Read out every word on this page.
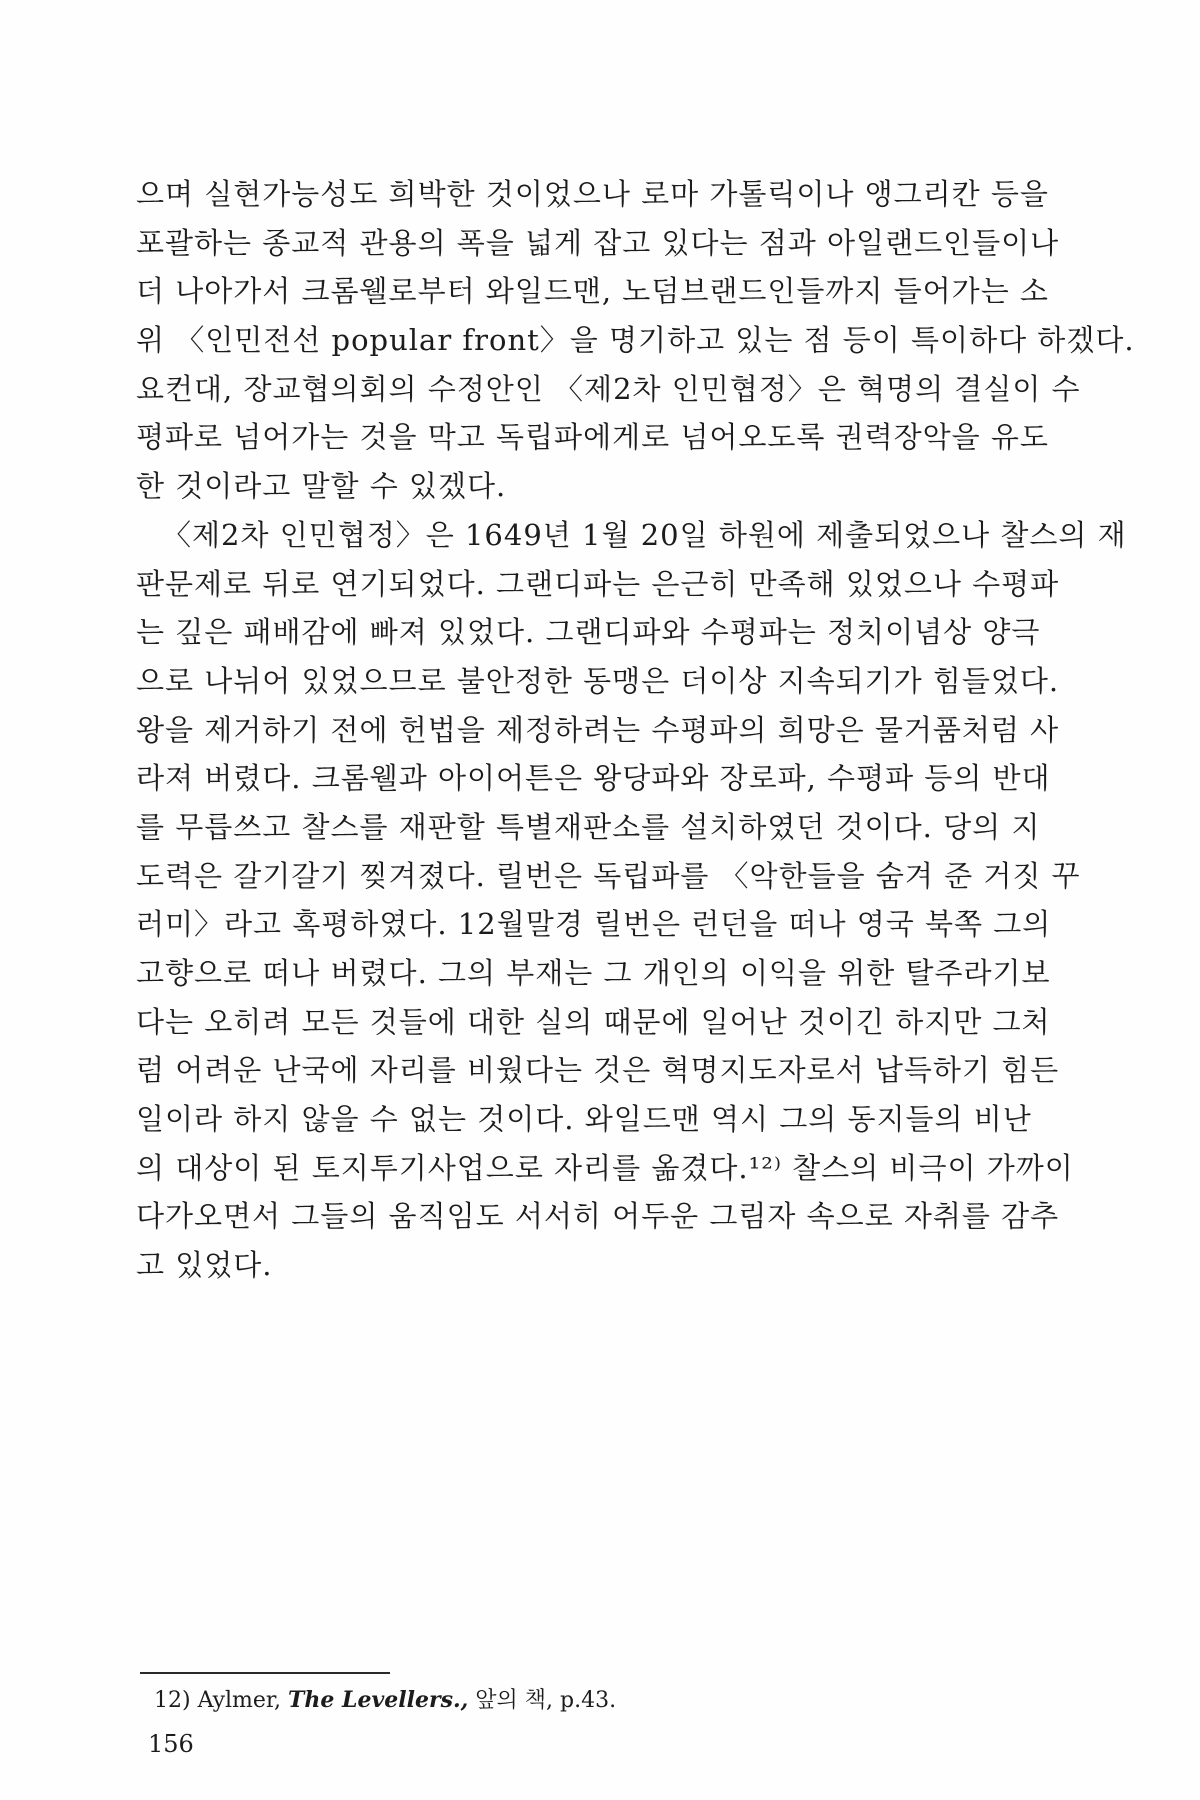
으며 실현가능성도 희박한 것이었으나 로마 가톨릭이나 앵그리칸 등을
포괄하는 종교적 관용의 폭을 넓게 잡고 있다는 점과 아일랜드인들이나
더 나아가서 크롬웰로부터 와일드맨, 노덤브랜드인들까지 들어가는 소
위 〈인민전선 popular front〉을 명기하고 있는 점 등이 특이하다 하겠다.
요컨대, 장교협의회의 수정안인 〈제2차 인민협정〉은 혁명의 결실이 수
평파로 넘어가는 것을 막고 독립파에게로 넘어오도록 권력장악을 유도
한 것이라고 말할 수 있겠다.
〈제2차 인민협정〉은 1649년 1월 20일 하원에 제출되었으나 찰스의 재
판문제로 뒤로 연기되었다. 그랜디파는 은근히 만족해 있었으나 수평파
는 깊은 패배감에 빠져 있었다. 그랜디파와 수평파는 정치이념상 양극
으로 나뉘어 있었으므로 불안정한 동맹은 더이상 지속되기가 힘들었다.
왕을 제거하기 전에 헌법을 제정하려는 수평파의 희망은 물거품처럼 사
라져 버렸다. 크롬웰과 아이어튼은 왕당파와 장로파, 수평파 등의 반대
를 무릅쓰고 찰스를 재판할 특별재판소를 설치하였던 것이다. 당의 지
도력은 갈기갈기 찢겨졌다. 릴번은 독립파를 〈악한들을 숨겨 준 거짓 꾸
러미〉라고 혹평하였다. 12월말경 릴번은 런던을 떠나 영국 북쪽 그의
고향으로 떠나 버렸다. 그의 부재는 그 개인의 이익을 위한 탈주라기보
다는 오히려 모든 것들에 대한 실의 때문에 일어난 것이긴 하지만 그처
럼 어려운 난국에 자리를 비웠다는 것은 혁명지도자로서 납득하기 힘든
일이라 하지 않을 수 없는 것이다. 와일드맨 역시 그의 동지들의 비난
의 대상이 된 토지투기사업으로 자리를 옮겼다.¹²⁾ 찰스의 비극이 가까이
다가오면서 그들의 움직임도 서서히 어두운 그림자 속으로 자취를 감추
고 있었다.
156
12) Aylmer, The Levellers., 앞의 책, p.43.
